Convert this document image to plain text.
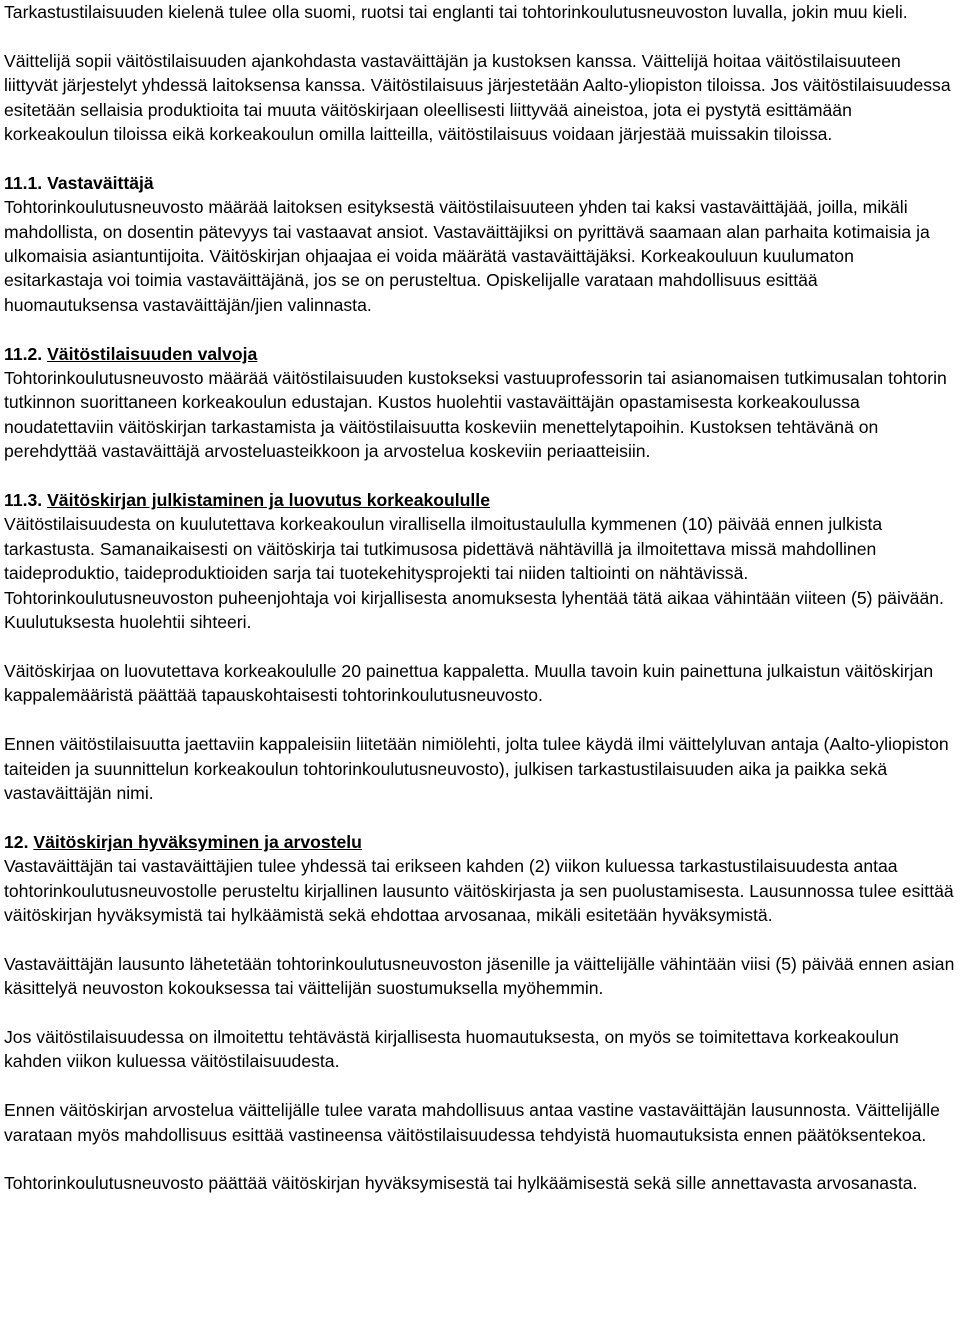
Tarkastustilaisuuden kielenä tulee olla suomi, ruotsi tai englanti tai tohtorinkoulutusneuvoston luvalla, jokin muu kieli.

Väittelijä sopii väitöstilaisuuden ajankohdasta vastaväittäjän ja kustoksen kanssa. Väittelijä hoitaa väitöstilaisuuteen liittyvät järjestelyt yhdessä laitoksensa kanssa. Väitöstilaisuus järjestetään Aalto-yliopiston tiloissa. Jos väitöstilaisuudessa esitetään sellaisia produktioita tai muuta väitöskirjaan oleellisesti liittyvää aineistoa, jota ei pystytä esittämään korkeakoulun tiloissa eikä korkeakoulun omilla laitteilla, väitöstilaisuus voidaan järjestää muissakin tiloissa.

11.1. Vastaväittäjä

Tohtorinkoulutusneuvosto määrää laitoksen esityksestä väitöstilaisuuteen yhden tai kaksi vastaväittäjää, joilla, mikäli mahdollista, on dosentin pätevyys tai vastaavat ansiot. Vastaväittäjiksi on pyrittävä saamaan alan parhaita kotimaisia ja ulkomaisia asiantuntijoita. Väitöskirjan ohjaajaa ei voida määrätä vastaväittäjäksi. Korkeakouluun kuulumaton esitarkastaja voi toimia vastaväittäjänä, jos se on perusteltua. Opiskelijalle varataan mahdollisuus esittää huomautuksensa vastaväittäjän/jien valinnasta.

11.2. Väitöstilaisuuden valvoja

Tohtorinkoulutusneuvosto määrää väitöstilaisuuden kustokseksi vastuuprofessorin tai asianomaisen tutkimusalan tohtorin tutkinnon suorittaneen korkeakoulun edustajan. Kustos huolehtii vastaväittäjän opastamisesta korkeakoulussa noudatettaviin väitöskirjan tarkastamista ja väitöstilaisuutta koskeviin menettelytapoihin. Kustoksen tehtävänä on perehdyttää vastaväittäjä arvosteluasteikkoon ja arvostelua koskeviin periaatteisiin.

11.3. Väitöskirjan julkistaminen ja luovutus korkeakoululle

Väitöstilaisuudesta on kuulutettava korkeakoulun virallisella ilmoitustaululla kymmenen (10) päivää ennen julkista tarkastusta. Samanaikaisesti on väitöskirja tai tutkimusosa pidettävä nähtävillä ja ilmoitettava missä mahdollinen taideproduktio, taideproduktioiden sarja tai tuotekehitysprojekti tai niiden taltiointi on nähtävissä. Tohtorinkoulutusneuvoston puheenjohtaja voi kirjallisesta anomuksesta lyhentää tätä aikaa vähintään viiteen (5) päivään. Kuulutuksesta huolehtii sihteeri.

Väitöskirjaa on luovutettava korkeakoululle 20 painettua kappaletta. Muulla tavoin kuin painettuna julkaistun väitöskirjan kappalemääristä päättää tapauskohtaisesti tohtorinkoulutusneuvosto.

Ennen väitöstilaisuutta jaettaviin kappaleisiin liitetään nimiölehti, jolta tulee käydä ilmi väittelyluvan antaja (Aalto-yliopiston taiteiden ja suunnittelun korkeakoulun tohtorinkoulutusneuvosto), julkisen tarkastustilaisuuden aika ja paikka sekä vastaväittäjän nimi.

12. Väitöskirjan hyväksyminen ja arvostelu

Vastaväittäjän tai vastaväittäjien tulee yhdessä tai erikseen kahden (2) viikon kuluessa tarkastustilaisuudesta antaa tohtorinkoulutusneuvostolle perusteltu kirjallinen lausunto väitöskirjasta ja sen puolustamisesta. Lausunnossa tulee esittää väitöskirjan hyväksymistä tai hylkäämistä sekä ehdottaa arvosanaa, mikäli esitetään hyväksymistä.

Vastaväittäjän lausunto lähetetään tohtorinkoulutusneuvoston jäsenille ja väittelijälle vähintään viisi (5) päivää ennen asian käsittelyä neuvoston kokouksessa tai väittelijän suostumuksella myöhemmin.

Jos väitöstilaisuudessa on ilmoitettu tehtävästä kirjallisesta huomautuksesta, on myös se toimitettava korkeakoulun kahden viikon kuluessa väitöstilaisuudesta.

Ennen väitöskirjan arvostelua väittelijälle tulee varata mahdollisuus antaa vastine vastaväittäjän lausunnosta. Väittelijälle varataan myös mahdollisuus esittää vastineensa väitöstilaisuudessa tehdyistä huomautuksista ennen päätöksentekoa.

Tohtorinkoulutusneuvosto päättää väitöskirjan hyväksymisestä tai hylkäämisestä sekä sille annettavasta arvosanasta.
